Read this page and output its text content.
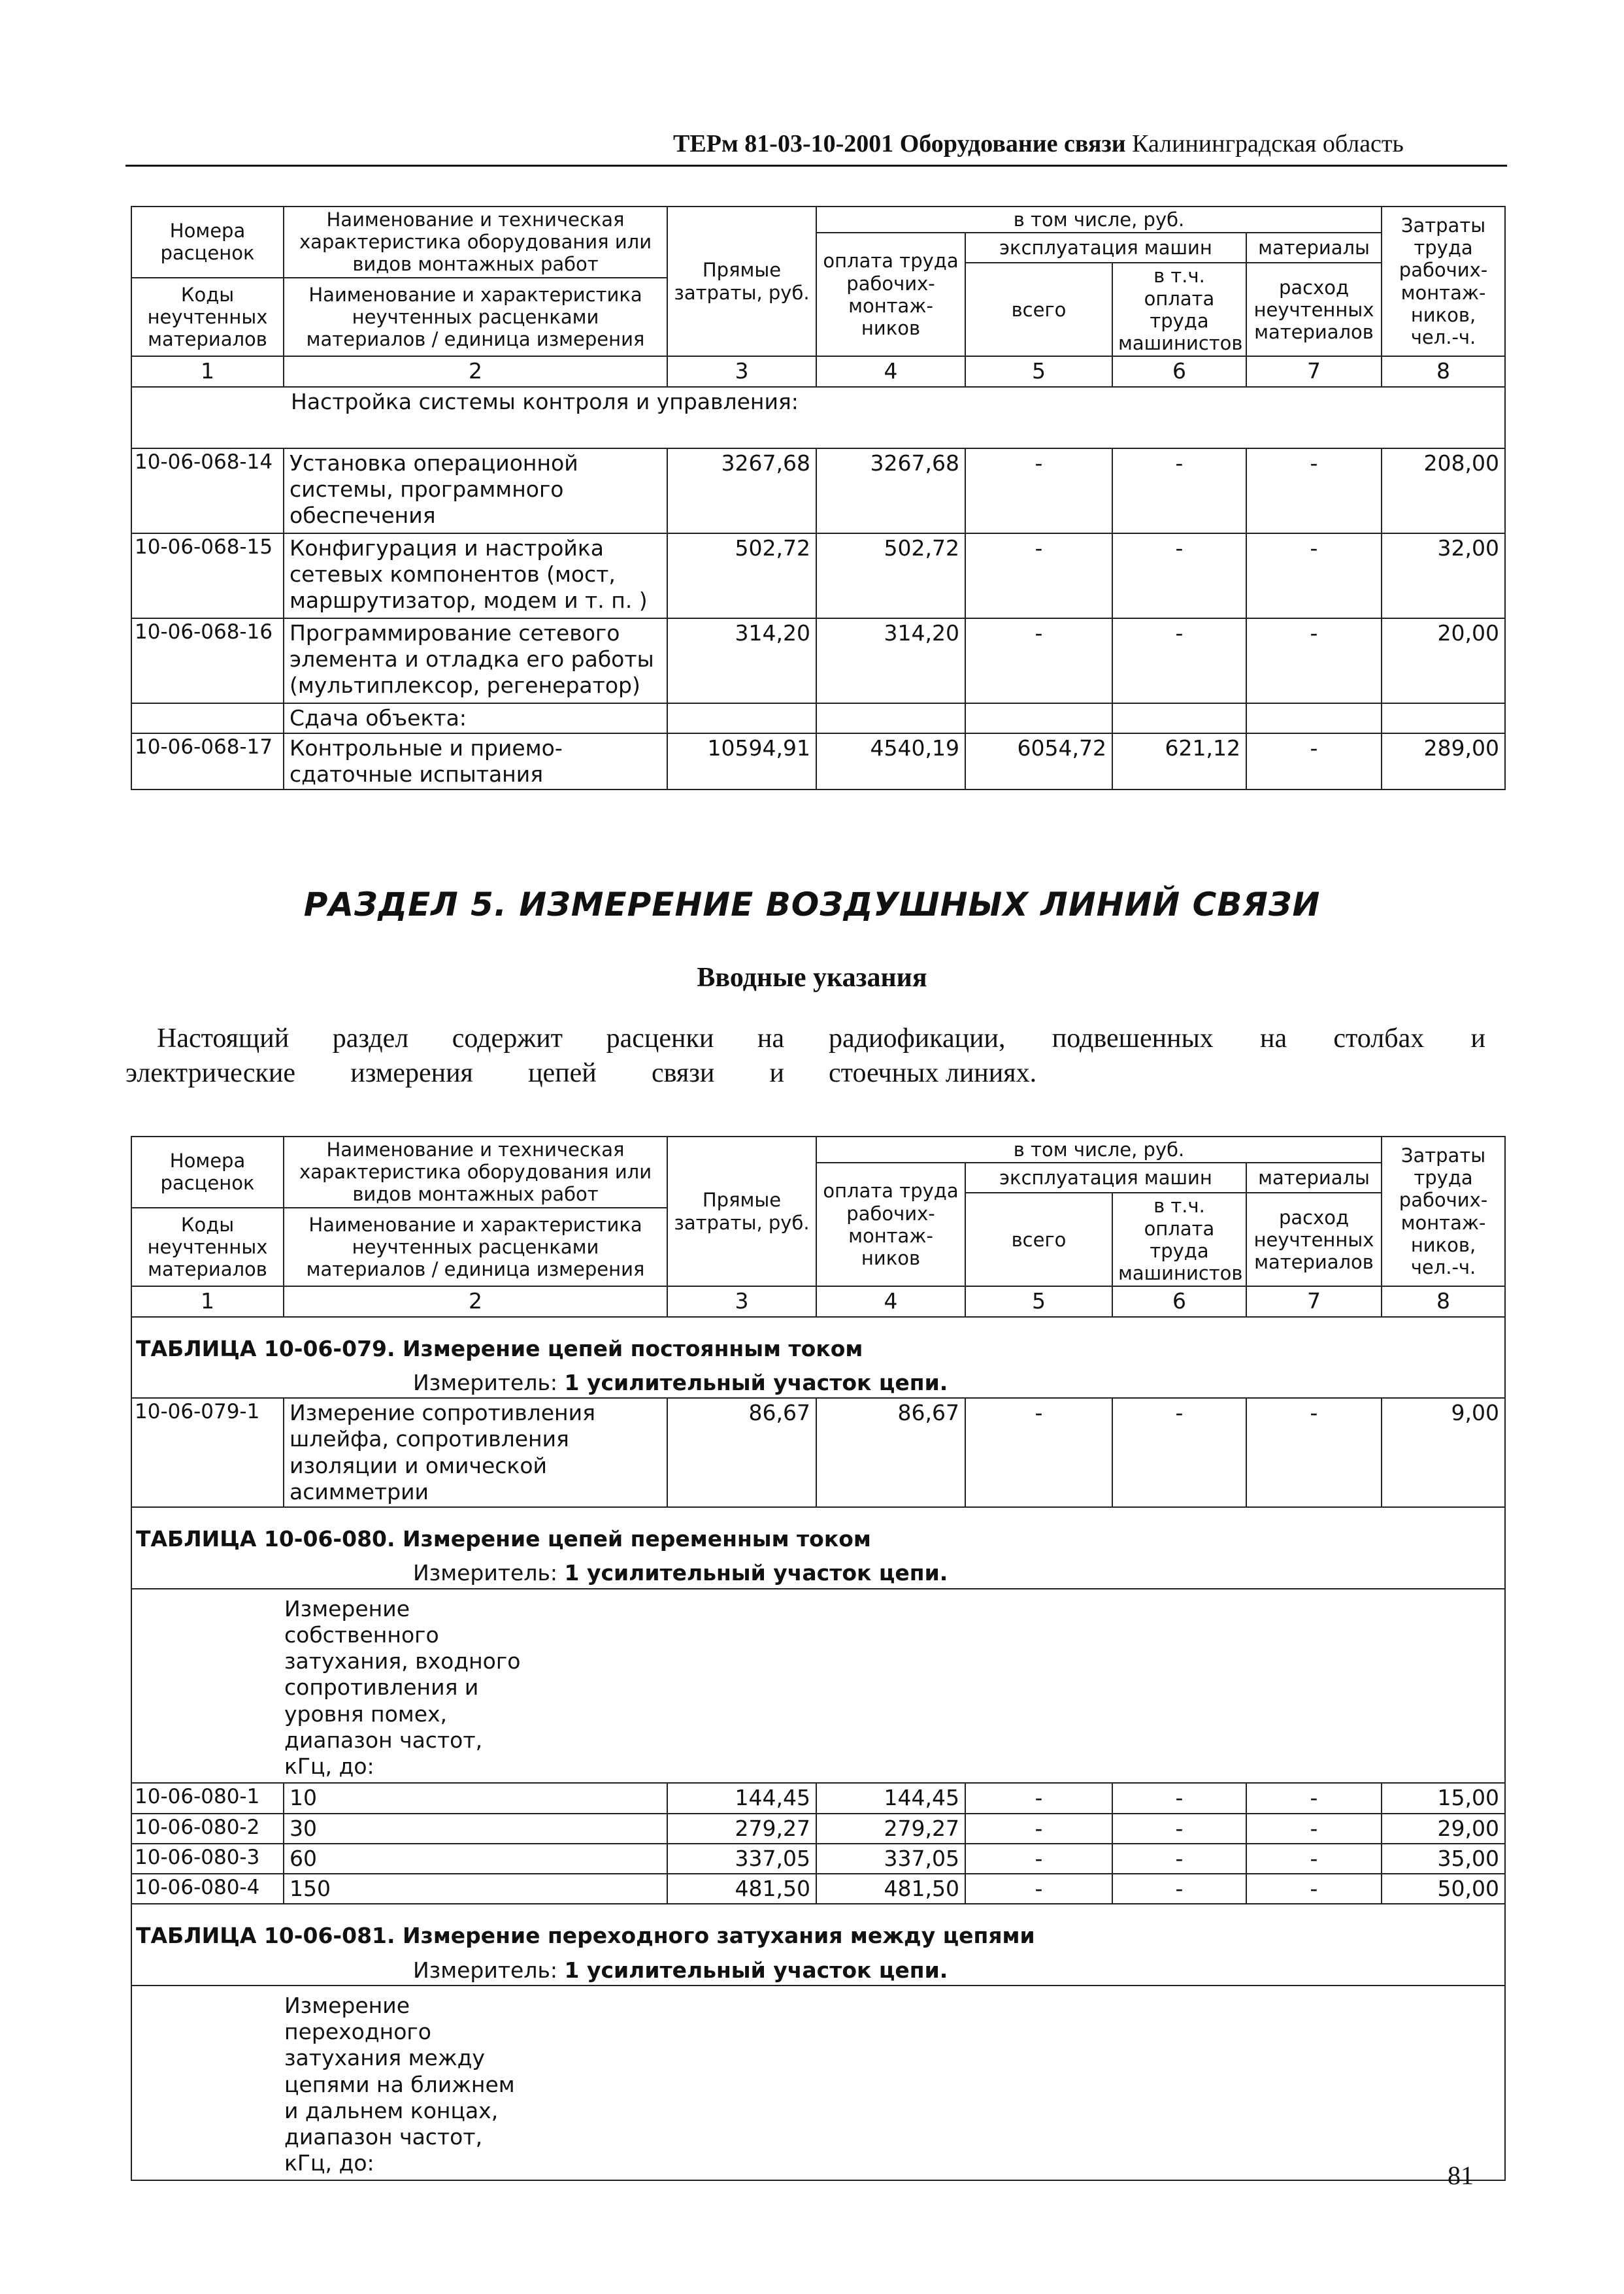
ТЕРм 81-03-10-2001 Оборудование связи Калининградская область
Номера расценок	Наименование и техническая характеристика оборудования или видов монтажных работ	Прямые затраты, руб.	в том числе, руб.				Затраты труда рабочих-монтаж-ников, чел.-ч.
			оплата труда рабочих-монтаж-ников	эксплуатация машин		материалы	
				всего	в т.ч. оплата труда машинистов	расход неучтенных материалов	
Коды неучтенных материалов	Наименование и характеристика неучтенных расценками материалов / единица измерения						

1	2	3	4	5	6	7	8
Настройка системы контроля и управления:							
10-06-068-14	Установка операционной системы, программного обеспечения	3267,68	3267,68	-	-	-	208,00
10-06-068-15	Конфигурация и настройка сетевых компонентов (мост, маршрутизатор, модем и т. п. )	502,72	502,72	-	-	-	32,00
10-06-068-16	Программирование сетевого элемента и отладка его работы (мультиплексор, регенератор)	314,20	314,20	-	-	-	20,00
	Сдача объекта:						
10-06-068-17	Контрольные и приемо-сдаточные испытания	10594,91	4540,19	6054,72	621,12	-	289,00
РАЗДЕЛ 5. ИЗМЕРЕНИЕ ВОЗДУШНЫХ ЛИНИЙ СВЯЗИ
Вводные указания
Настоящий раздел содержит расценки на радиофикации, подвешенных на столбах и
электрические измерения цепей связи и стоечных линиях.
Номера расценок	Наименование и техническая характеристика оборудования или видов монтажных работ	Прямые затраты, руб.	в том числе, руб.				Затраты труда рабочих-монтаж-ников, чел.-ч.
			оплата труда рабочих-монтаж-ников	эксплуатация машин		материалы	
				всего	в т.ч. оплата труда машинистов	расход неучтенных материалов	
Коды неучтенных материалов	Наименование и характеристика неучтенных расценками материалов / единица измерения						

1	2	3	4	5	6	7	8
ТАБЛИЦА 10-06-079. Измерение цепей постоянным током							
Измеритель: 1 усилительный участок цепи.							
10-06-079-1	Измерение сопротивления шлейфа, сопротивления изоляции и омической асимметрии	86,67	86,67	-	-	-	9,00
ТАБЛИЦА 10-06-080. Измерение цепей переменным током							
Измеритель: 1 усилительный участок цепи.							
Измерение собственного затухания, входного сопротивления и уровня помех, диапазон частот, кГц, до:							
10-06-080-1	10	144,45	144,45	-	-	-	15,00
10-06-080-2	30	279,27	279,27	-	-	-	29,00
10-06-080-3	60	337,05	337,05	-	-	-	35,00
10-06-080-4	150	481,50	481,50	-	-	-	50,00
ТАБЛИЦА 10-06-081. Измерение переходного затухания между цепями							
Измеритель: 1 усилительный участок цепи.							
Измерение переходного затухания между цепями на ближнем и дальнем концах, диапазон частот, кГц, до:								81
